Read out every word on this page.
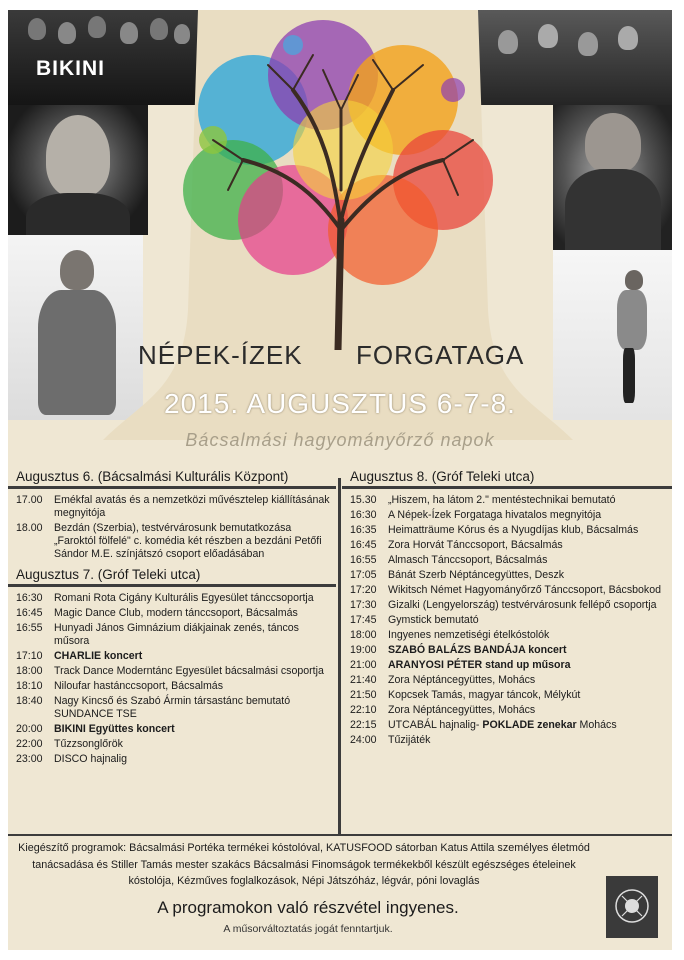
BIKINI
NÉPEK-ÍZEK FORGATAGA
2015. AUGUSZTUS 6-7-8.
Bácsalmási hagyományőrző napok
Augusztus 6. (Bácsalmási Kulturális Központ)
17.00	Emékfal avatás és a nemzetközi művésztelep kiállításának megnyitója
18.00	Bezdán (Szerbia), testvérvárosunk bemutatkozása „Faroktól fölfelé" c. komédia két részben a bezdáni Petőfi Sándor M.E. színjátszó csoport előadásában
Augusztus 7. (Gróf Teleki utca)
16:30	Romani Rota Cigány Kulturális Egyesület tánccsoportja
16:45	Magic Dance Club, modern tánccsoport, Bácsalmás
16:55	Hunyadi János Gimnázium diákjainak zenés, táncos műsora
17:10	CHARLIE koncert
18:00	Track Dance Moderntánc Egyesület bácsalmási csoportja
18:10	Niloufar hastánccsoport, Bácsalmás
18:40	Nagy Kincső és Szabó Ármin társastánc bemutató SUNDANCE TSE
20:00	BIKINI Együttes koncert
22:00	Tűzzsonglőrök
23:00	DISCO hajnalig
Augusztus 8. (Gróf Teleki utca)
15.30	„Hiszem, ha látom 2." mentéstechnikai bemutató
16:30	A Népek-Ízek Forgataga hivatalos megnyitója
16:35	Heimatträume Kórus és a Nyugdíjas klub, Bácsalmás
16:45	Zora Horvát Tánccsoport, Bácsalmás
16:55	Almasch Tánccsoport, Bácsalmás
17:05	Bánát Szerb Néptáncegyüttes, Deszk
17:20	Wikitsch Német Hagyományőrző Tánccsoport, Bácsbokod
17:30	Gizalki (Lengyelország) testvérvárosunk fellépő csoportja
17:45	Gymstick bemutató
18:00	Ingyenes nemzetiségi ételkóstolók
19:00	SZABÓ BALÁZS BANDÁJA koncert
21:00	ARANYOSI PÉTER stand up műsora
21:40	Zora Néptáncegyüttes, Mohács
21:50	Kopcsek Tamás, magyar táncok, Mélykút
22:10	Zora Néptáncegyüttes, Mohács
22:15	UTCABÁL hajnalig- POKLADE zenekar Mohács
24:00	Tűzijáték
Kiegészítő programok: Bácsalmási Portéka termékei kóstolóval, KATUSFOOD sátorban Katus Attila személyes életmód tanácsadása és Stiller Tamás mester szakács Bácsalmási Finomságok termékekből készült egészséges ételeinek kóstolója, Kézműves foglalkozások, Népi Játszóház, légvár, póni lovaglás
A programokon való részvétel ingyenes.
A műsorváltoztatás jogát fenntartjuk.
